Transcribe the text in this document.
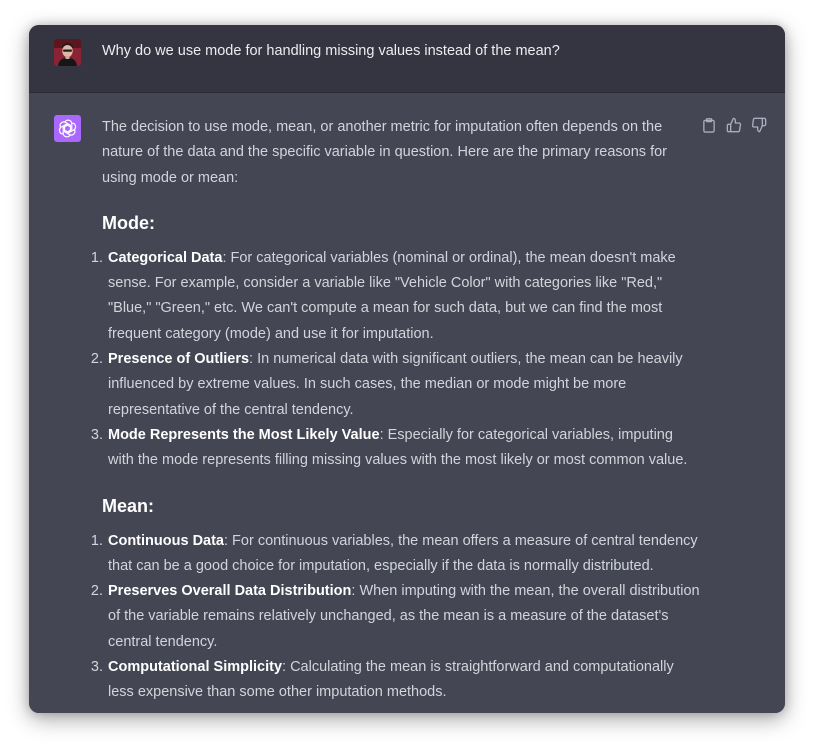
Why do we use mode for handling missing values instead of the mean?

The decision to use mode, mean, or another metric for imputation often depends on the nature of the data and the specific variable in question. Here are the primary reasons for using mode or mean:

Mode:
1. Categorical Data: For categorical variables (nominal or ordinal), the mean doesn't make sense. For example, consider a variable like "Vehicle Color" with categories like "Red," "Blue," "Green," etc. We can't compute a mean for such data, but we can find the most frequent category (mode) and use it for imputation.
2. Presence of Outliers: In numerical data with significant outliers, the mean can be heavily influenced by extreme values. In such cases, the median or mode might be more representative of the central tendency.
3. Mode Represents the Most Likely Value: Especially for categorical variables, imputing with the mode represents filling missing values with the most likely or most common value.
Mean:
1. Continuous Data: For continuous variables, the mean offers a measure of central tendency that can be a good choice for imputation, especially if the data is normally distributed.
2. Preserves Overall Data Distribution: When imputing with the mean, the overall distribution of the variable remains relatively unchanged, as the mean is a measure of the dataset's central tendency.
3. Computational Simplicity: Calculating the mean is straightforward and computationally less expensive than some other imputation methods.
